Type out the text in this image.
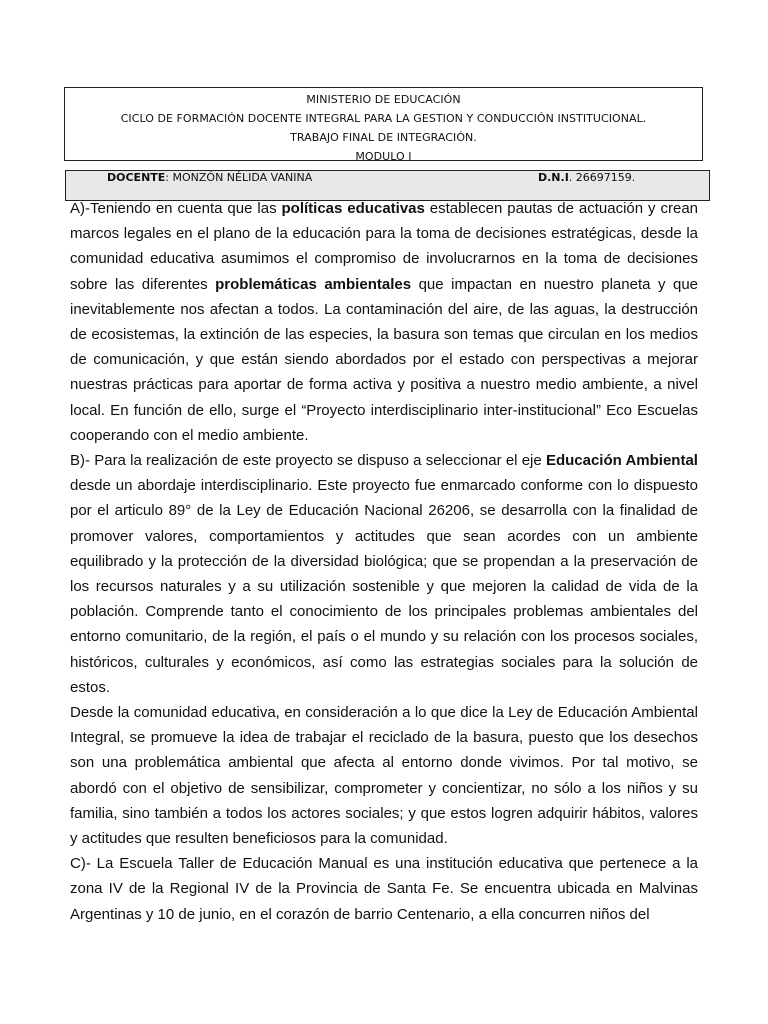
MINISTERIO DE EDUCACIÓN

CICLO DE FORMACIÓN DOCENTE INTEGRAL PARA LA GESTION Y CONDUCCIÓN INSTITUCIONAL.

TRABAJO FINAL DE INTEGRACIÓN.

MODULO I

DOCENTE: MONZÓN NÉLIDA VANINA	D.N.I. 26697159.

A)-Teniendo en cuenta que las políticas educativas establecen pautas de actuación y crean marcos legales en el plano de la educación para la toma de decisiones estratégicas, desde la comunidad educativa asumimos el compromiso de involucrarnos en la toma de decisiones sobre las diferentes problemáticas ambientales que impactan en nuestro planeta y que inevitablemente nos afectan a todos. La contaminación del aire, de las aguas, la destrucción de ecosistemas, la extinción de las especies, la basura son temas que circulan en los medios de comunicación, y que están siendo abordados por el estado con perspectivas a mejorar nuestras prácticas para aportar de forma activa y positiva a nuestro medio ambiente, a nivel local. En función de ello, surge el “Proyecto interdisciplinario inter-institucional” Eco Escuelas cooperando con el medio ambiente.

B)- Para la realización de este proyecto se dispuso a seleccionar el eje Educación Ambiental desde un abordaje interdisciplinario. Este proyecto fue enmarcado conforme con lo dispuesto por el articulo 89° de la Ley de Educación Nacional 26206, se desarrolla con la finalidad de promover valores, comportamientos y actitudes que sean acordes con un ambiente equilibrado y la protección de la diversidad biológica; que se propendan a la preservación de los recursos naturales y a su utilización sostenible y que mejoren la calidad de vida de la población. Comprende tanto el conocimiento de los principales problemas ambientales del entorno comunitario, de la región, el país o el mundo y su relación con los procesos sociales, históricos, culturales y económicos, así como las estrategias sociales para la solución de estos.

Desde la comunidad educativa, en consideración a lo que dice la Ley de Educación Ambiental Integral, se promueve la idea de trabajar el reciclado de la basura, puesto que los desechos son una problemática ambiental que afecta al entorno donde vivimos. Por tal motivo, se abordó con el objetivo de sensibilizar, comprometer y concientizar, no sólo a los niños y su familia, sino también a todos los actores sociales; y que estos logren adquirir hábitos, valores y actitudes que resulten beneficiosos para la comunidad.

C)- La Escuela Taller de Educación Manual es una institución educativa que pertenece a la zona IV de la Regional IV de la Provincia de Santa Fe. Se encuentra ubicada en Malvinas Argentinas y 10 de junio, en el corazón de barrio Centenario, a ella concurren niños del
